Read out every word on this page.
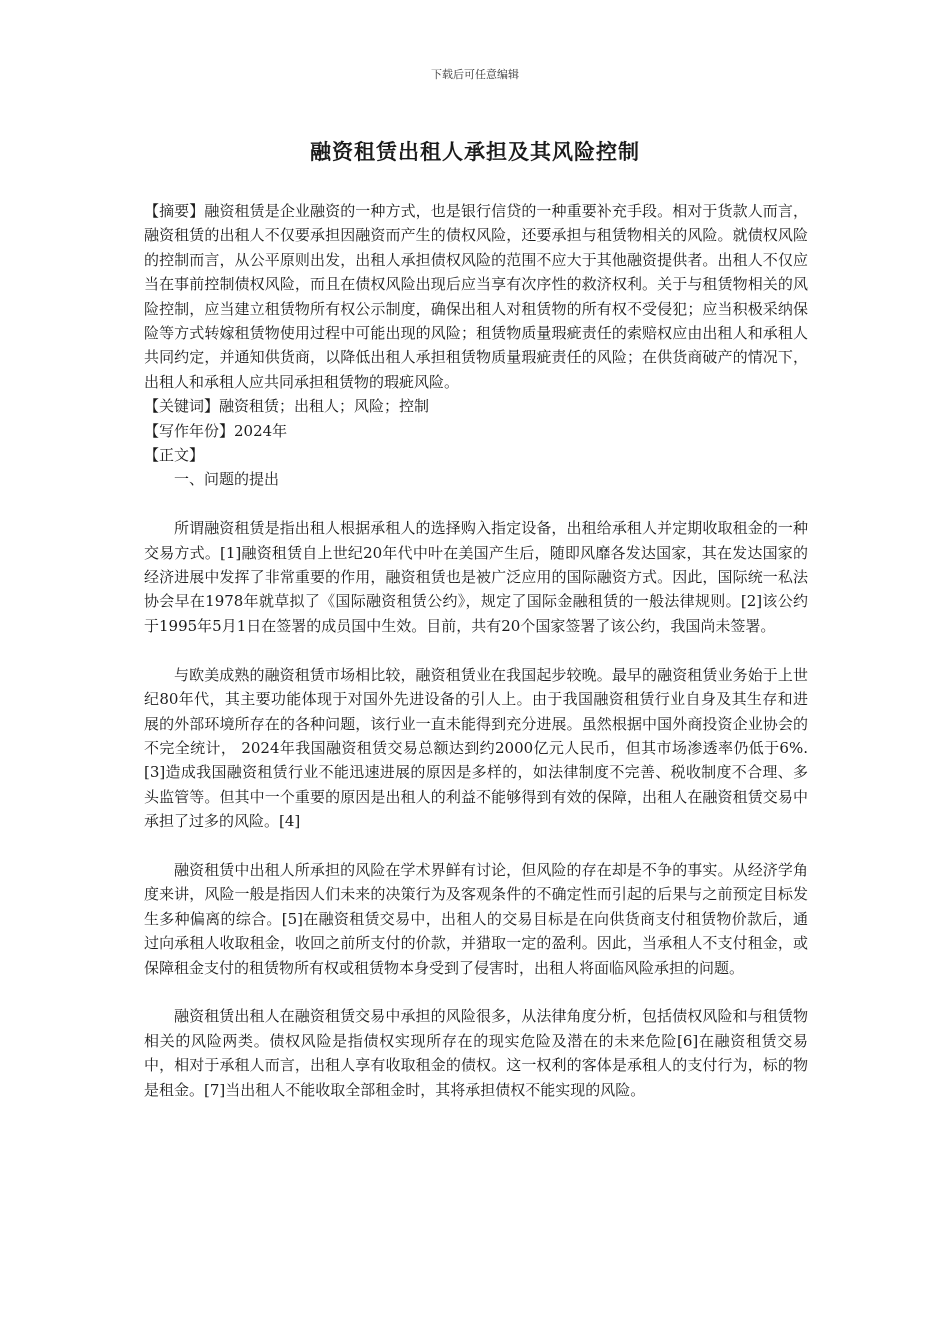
下载后可任意编辑
融资租赁出租人承担及其风险控制

【摘要】融资租赁是企业融资的一种方式，也是银行信贷的一种重要补充手段。相对于货款人而言，融资租赁的出租人不仅要承担因融资而产生的债权风险，还要承担与租赁物相关的风险。就债权风险的控制而言，从公平原则出发，出租人承担债权风险的范围不应大于其他融资提供者。出租人不仅应当在事前控制债权风险，而且在债权风险出现后应当享有次序性的救济权利。关于与租赁物相关的风险控制，应当建立租赁物所有权公示制度，确保出租人对租赁物的所有权不受侵犯；应当积极采纳保险等方式转嫁租赁物使用过程中可能出现的风险；租赁物质量瑕疵责任的索赔权应由出租人和承租人共同约定，并通知供货商，以降低出租人承担租赁物质量瑕疵责任的风险；在供货商破产的情况下，出租人和承租人应共同承担租赁物的瑕疵风险。

【关键词】融资租赁；出租人；风险；控制

【写作年份】2024年

【正文】

一、问题的提出

所谓融资租赁是指出租人根据承租人的选择购入指定设备，出租给承租人并定期收取租金的一种交易方式。[1]融资租赁自上世纪20年代中叶在美国产生后，随即风靡各发达国家，其在发达国家的经济进展中发挥了非常重要的作用，融资租赁也是被广泛应用的国际融资方式。因此，国际统一私法协会早在1978年就草拟了《国际融资租赁公约》，规定了国际金融租赁的一般法律规则。[2]该公约于1995年5月1日在签署的成员国中生效。目前，共有20个国家签署了该公约，我国尚未签署。

与欧美成熟的融资租赁市场相比较，融资租赁业在我国起步较晚。最早的融资租赁业务始于上世纪80年代，其主要功能体现于对国外先进设备的引人上。由于我国融资租赁行业自身及其生存和进展的外部环境所存在的各种问题，该行业一直未能得到充分进展。虽然根据中国外商投资企业协会的不完全统计， 2024年我国融资租赁交易总额达到约2000亿元人民币，但其市场渗透率仍低于6%.[3]造成我国融资租赁行业不能迅速进展的原因是多样的，如法律制度不完善、税收制度不合理、多头监管等。但其中一个重要的原因是出租人的利益不能够得到有效的保障，出租人在融资租赁交易中承担了过多的风险。[4]

融资租赁中出租人所承担的风险在学术界鲜有讨论，但风险的存在却是不争的事实。从经济学角度来讲，风险一般是指因人们未来的决策行为及客观条件的不确定性而引起的后果与之前预定目标发生多种偏离的综合。[5]在融资租赁交易中，出租人的交易目标是在向供货商支付租赁物价款后，通过向承租人收取租金，收回之前所支付的价款，并猎取一定的盈利。因此，当承租人不支付租金，或保障租金支付的租赁物所有权或租赁物本身受到了侵害时，出租人将面临风险承担的问题。

融资租赁出租人在融资租赁交易中承担的风险很多，从法律角度分析，包括债权风险和与租赁物相关的风险两类。债权风险是指债权实现所存在的现实危险及潜在的未来危险[6]在融资租赁交易中，相对于承租人而言，出租人享有收取租金的债权。这一权利的客体是承租人的支付行为，标的物是租金。[7]当出租人不能收取全部租金时，其将承担债权不能实现的风险。
